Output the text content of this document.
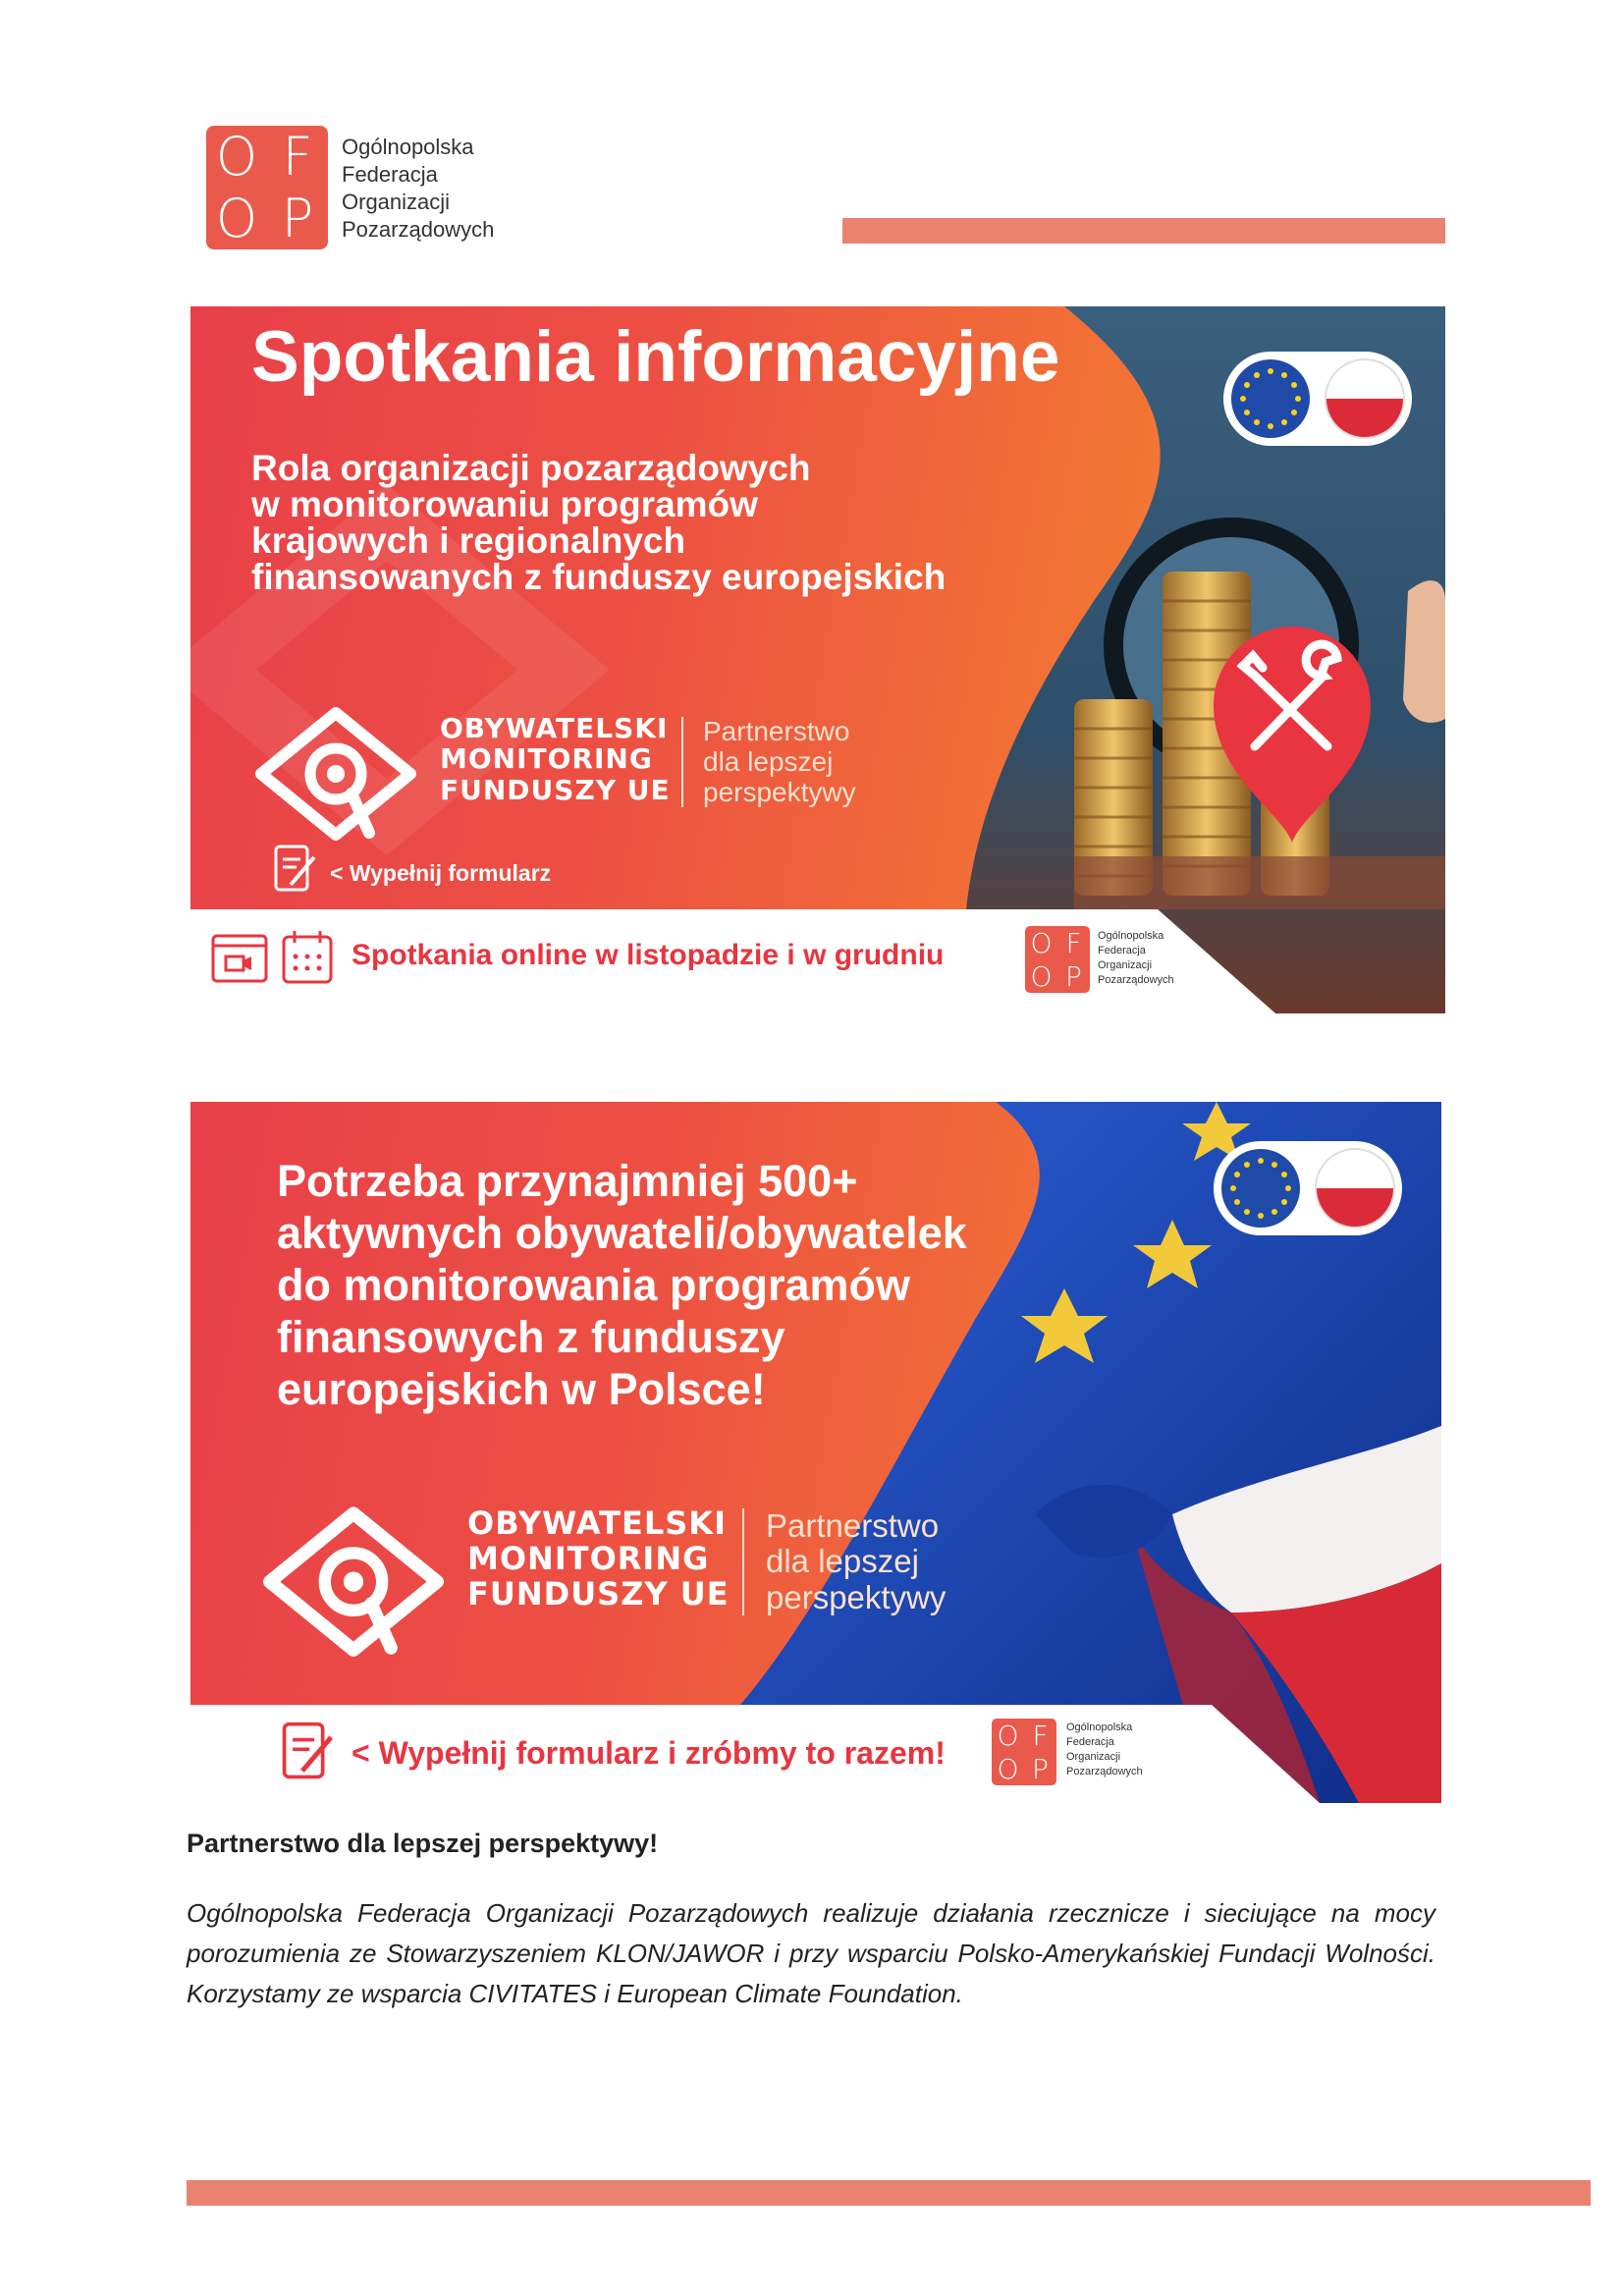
O F
O P
Ogólnopolska
Federacja
Organizacji
Pozarządowych
Spotkania informacyjne
Rola organizacji pozarządowych
w monitorowaniu programów
krajowych i regionalnych
finansowanych z funduszy europejskich
OBYWATELSKI
MONITORING
FUNDUSZY UE
Partnerstwo
dla lepszej
perspektywy
< Wypełnij formularz
Spotkania online w listopadzie i w grudniu	O F
O P
Ogólnopolska
Federacja
Organizacji
Pozarządowych
Potrzeba przynajmniej 500+
aktywnych obywateli/obywatelek
do monitorowania programów
finansowych z funduszy
europejskich w Polsce!
OBYWATELSKI
MONITORING
FUNDUSZY UE
Partnerstwo
dla lepszej
perspektywy
< Wypełnij formularz i zróbmy to razem! O F
O P
Ogólnopolska
Federacja
Organizacji
Pozarządowych
Partnerstwo dla lepszej perspektywy!
Ogólnopolska Federacja Organizacji Pozarządowych realizuje działania rzecznicze i sieciujące na mocy porozumienia ze Stowarzyszeniem KLON/JAWOR i przy wsparciu Polsko-Amerykańskiej Fundacji Wolności. Korzystamy ze wsparcia CIVITATES i European Climate Foundation.
